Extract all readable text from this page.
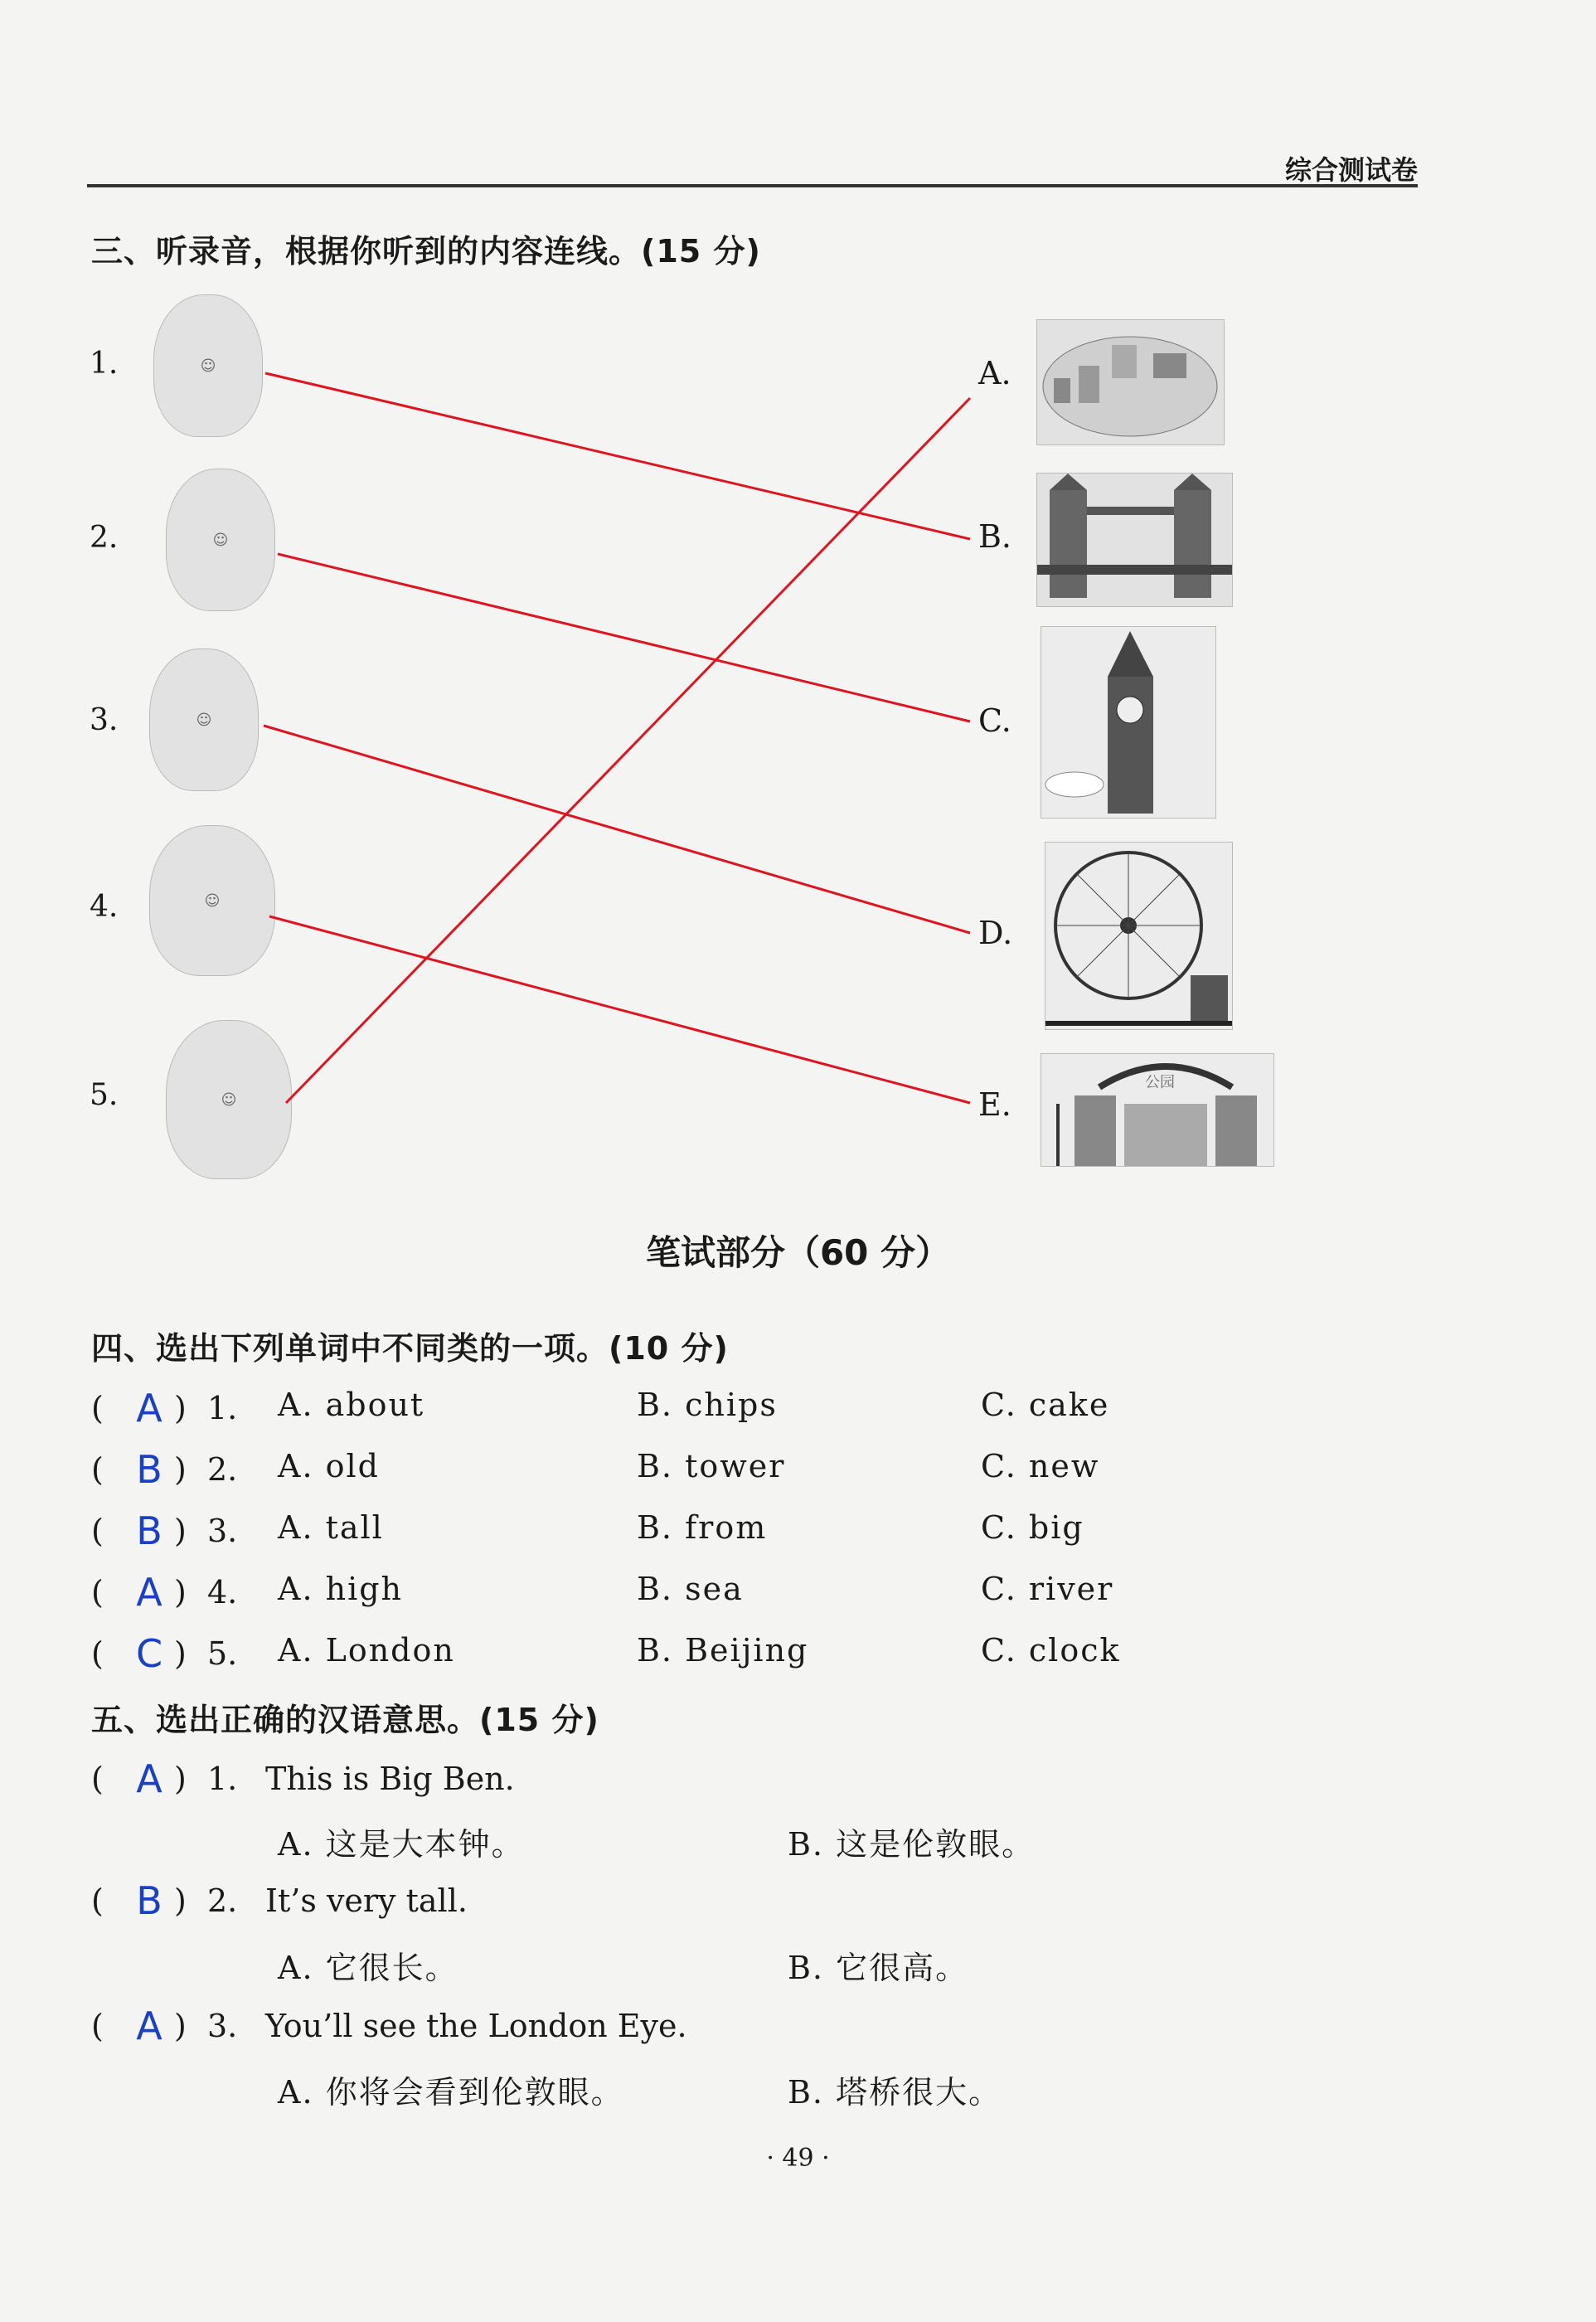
综合测试卷
三、听录音，根据你听到的内容连线。(15 分)
1.
2.
3.
4.
5.
☺
☺
☺
☺
☺
A.
B.
C.
D.
E.
公园
笔试部分（60 分）
四、选出下列单词中不同类的一项。(10 分)
( A ) 1.	A. about	B. chips	C. cake
( B ) 2.	A. old	B. tower	C. new
( B ) 3.	A. tall	B. from	C. big
( A ) 4.	A. high	B. sea	C. river
( C ) 5.	A. London	B. Beijing	C. clock
五、选出正确的汉语意思。(15 分)
( A ) 1. This is Big Ben.
A. 这是大本钟。	B. 这是伦敦眼。
( B ) 2. It’s very tall.
A. 它很长。	B. 它很高。
( A ) 3. You’ll see the London Eye.
A. 你将会看到伦敦眼。	B. 塔桥很大。
· 49 ·
